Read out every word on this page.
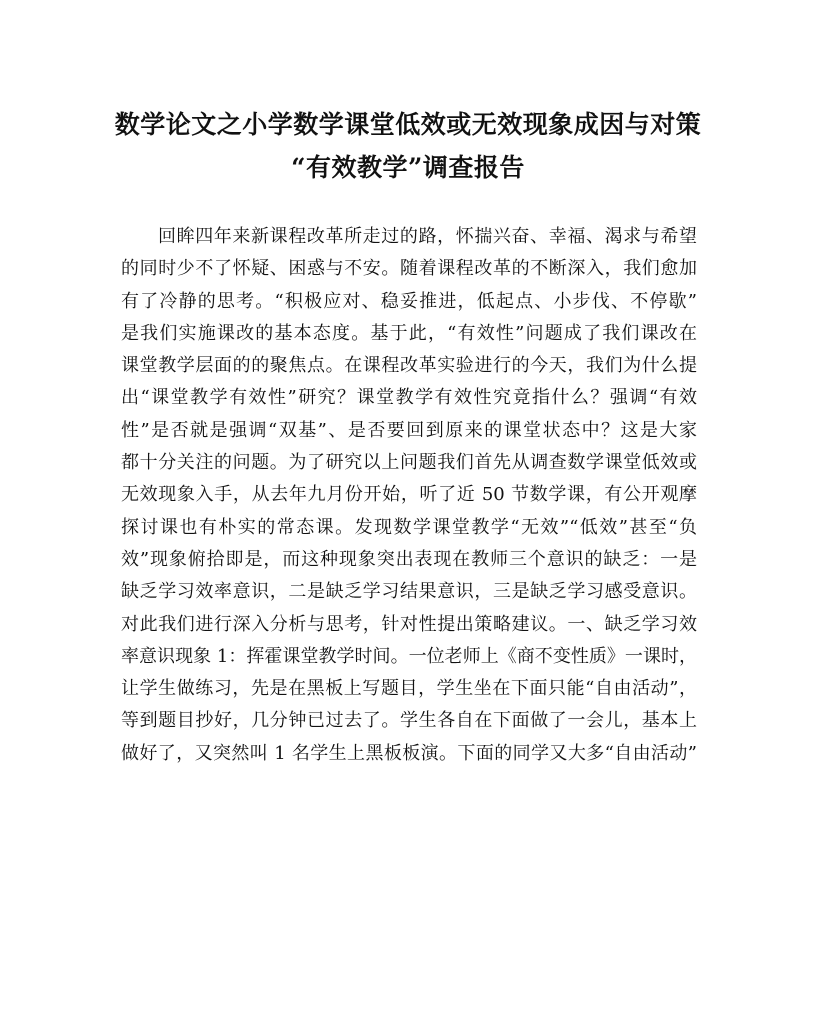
数学论文之小学数学课堂低效或无效现象成因与对策
“有效教学”调查报告
回眸四年来新课程改革所走过的路，怀揣兴奋、幸福、渴求与希望
的同时少不了怀疑、困惑与不安。随着课程改革的不断深入，我们愈加
有了冷静的思考。“积极应对、稳妥推进，低起点、小步伐、不停歇”
是我们实施课改的基本态度。基于此，“有效性”问题成了我们课改在
课堂教学层面的的聚焦点。在课程改革实验进行的今天，我们为什么提
出“课堂教学有效性”研究？课堂教学有效性究竟指什么？强调“有效
性”是否就是强调“双基”、是否要回到原来的课堂状态中？这是大家
都十分关注的问题。为了研究以上问题我们首先从调查数学课堂低效或
无效现象入手，从去年九月份开始，听了近 50 节数学课，有公开观摩
探讨课也有朴实的常态课。发现数学课堂教学“无效”“低效”甚至“负
效”现象俯拾即是，而这种现象突出表现在教师三个意识的缺乏：一是
缺乏学习效率意识，二是缺乏学习结果意识，三是缺乏学习感受意识。
对此我们进行深入分析与思考，针对性提出策略建议。一、缺乏学习效
率意识现象 1：挥霍课堂教学时间。一位老师上《商不变性质》一课时，
让学生做练习，先是在黑板上写题目，学生坐在下面只能“自由活动”，
等到题目抄好，几分钟已过去了。学生各自在下面做了一会儿，基本上
做好了，又突然叫 1 名学生上黑板板演。下面的同学又大多“自由活动”
